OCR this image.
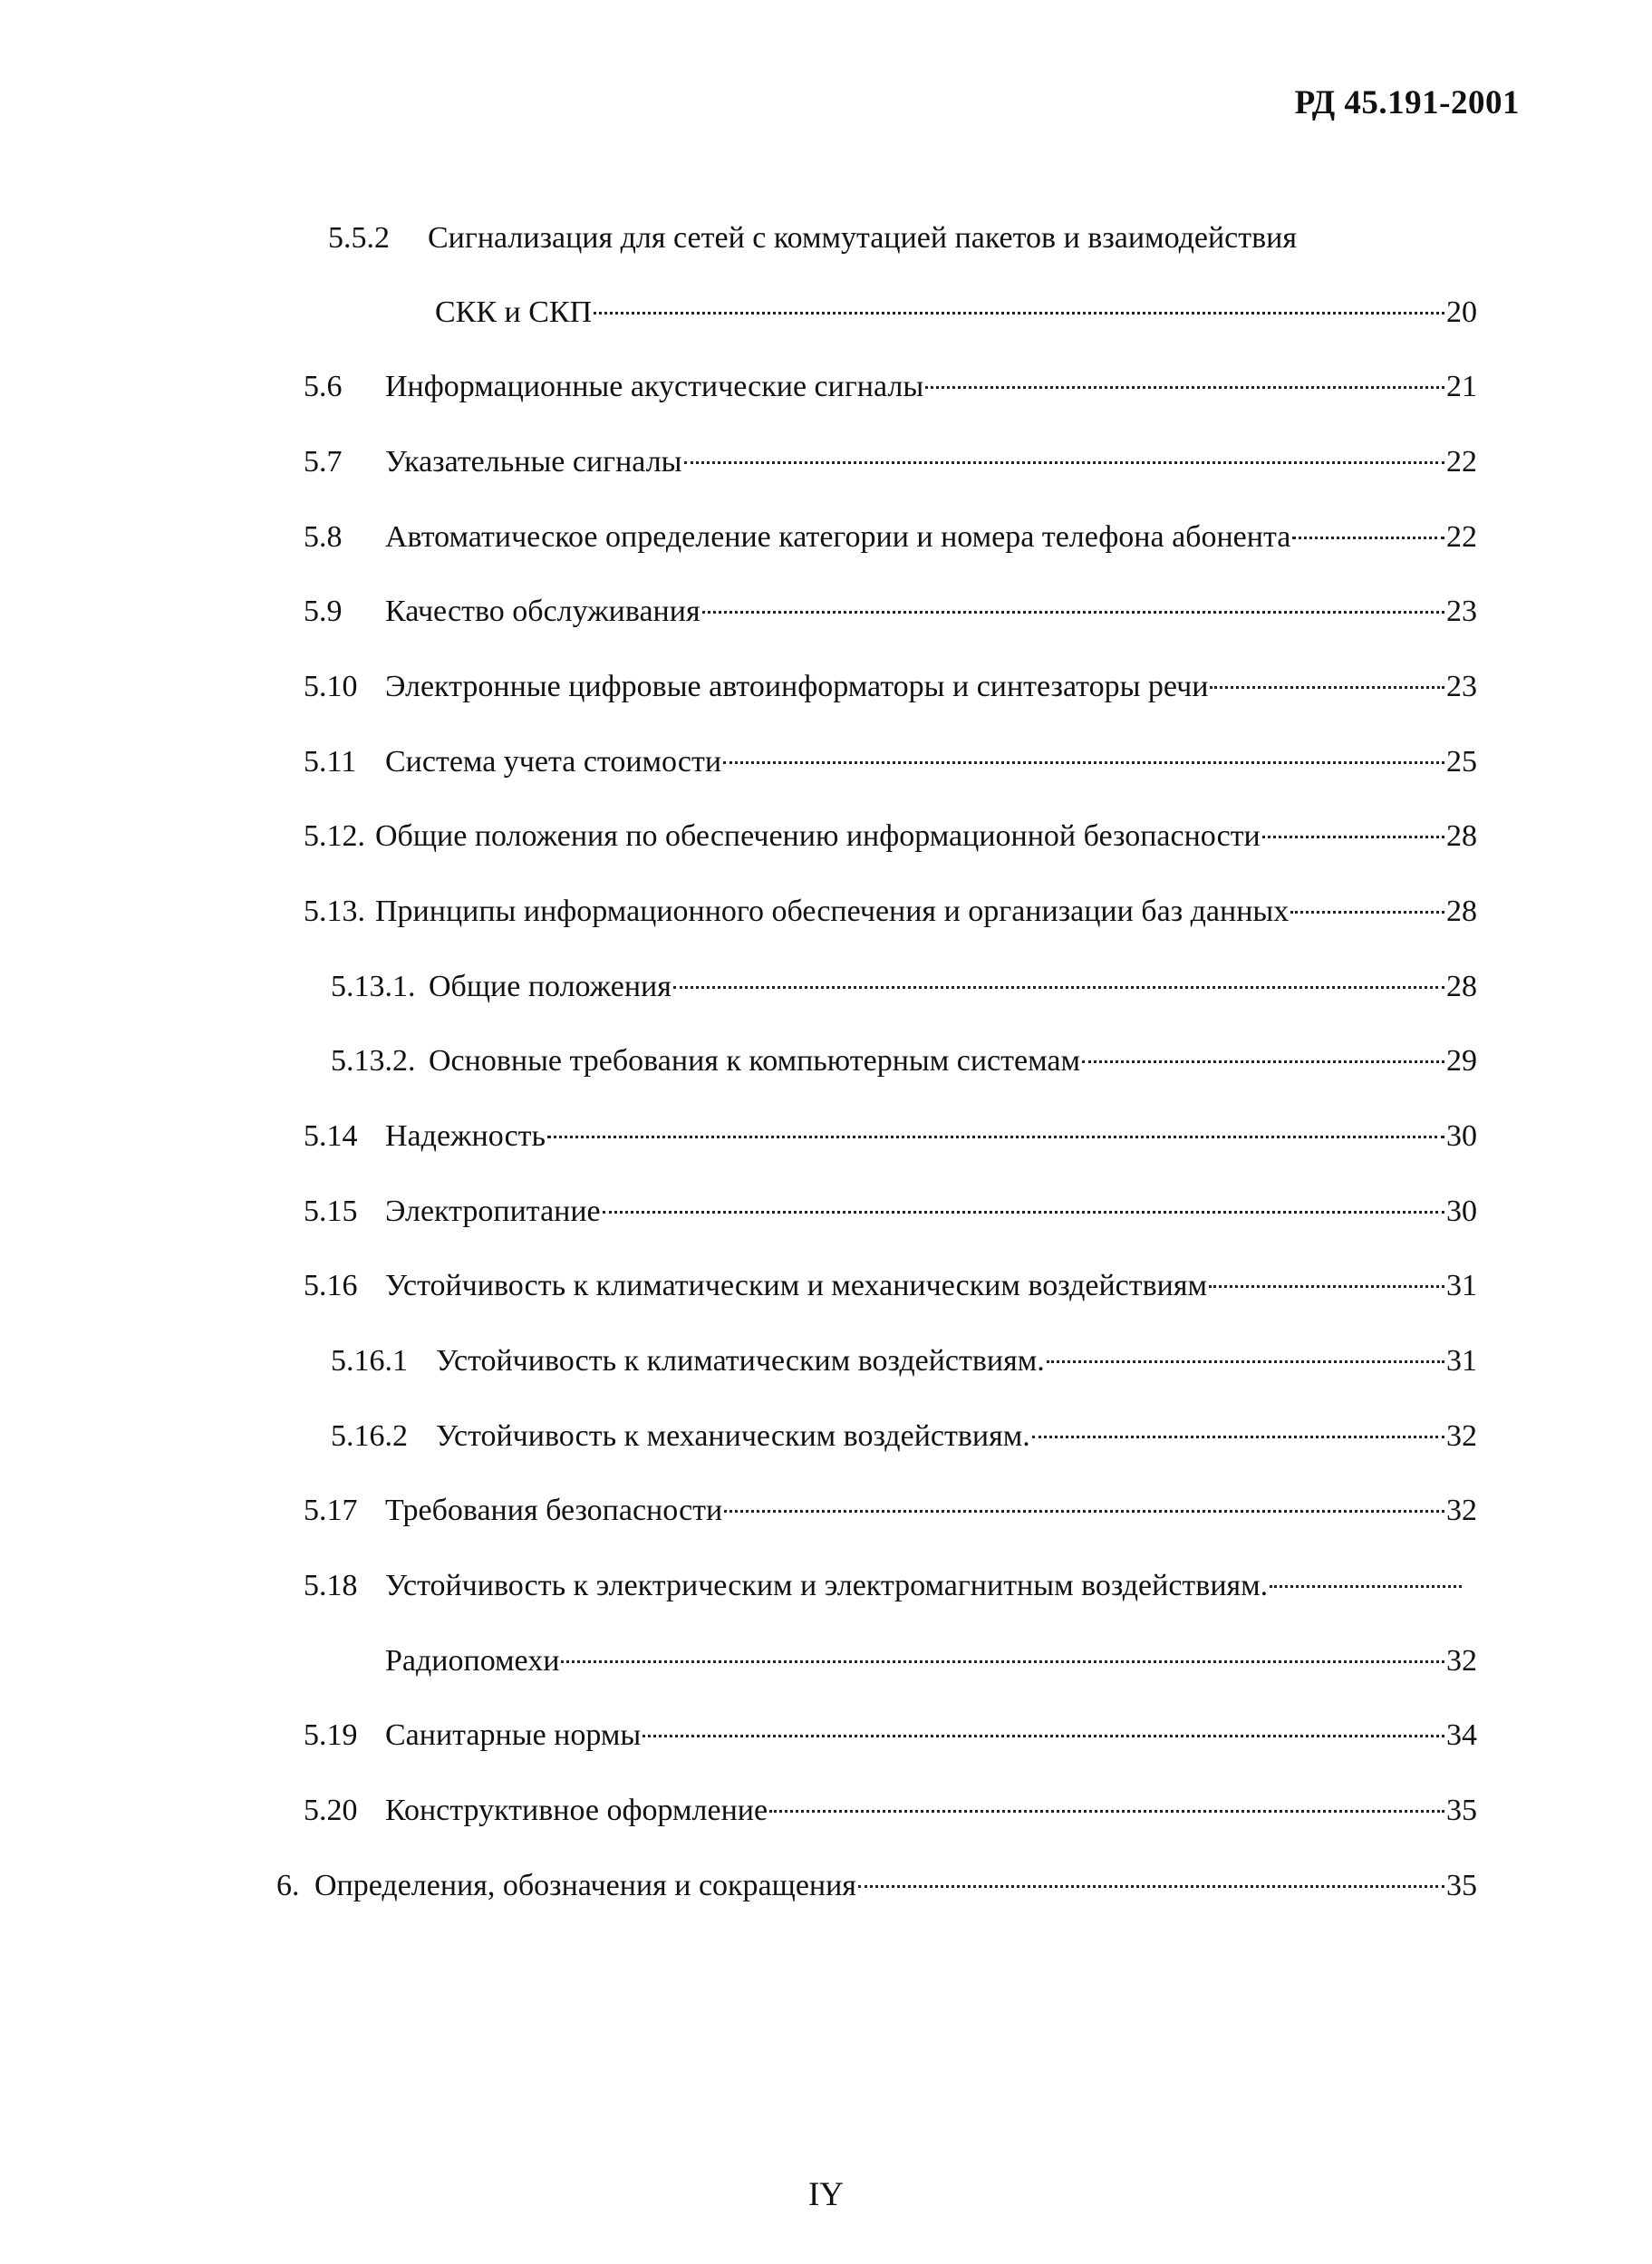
РД 45.191-2001
5.5.2	Сигнализация для сетей с коммутацией пакетов и взаимодействия
СКК и СКП	20
5.6	Информационные акустические сигналы	21
5.7	Указательные сигналы	22
5.8	Автоматическое определение категории и номера телефона абонента	22
5.9	Качество обслуживания	23
5.10 Электронные цифровые автоинформаторы и синтезаторы речи	23
5.11 Система учета стоимости	25
5.12. Общие положения по обеспечению информационной безопасности	28
5.13. Принципы информационного обеспечения и организации баз данных	28
5.13.1. Общие положения	28
5.13.2. Основные требования к компьютерным системам	29
5.14 Надежность	30
5.15 Электропитание	30
5.16 Устойчивость к климатическим и механическим воздействиям	31
5.16.1 Устойчивость к климатическим воздействиям.	31
5.16.2 Устойчивость к механическим воздействиям.	32
5.17 Требования безопасности	32
5.18 Устойчивость к электрическим и электромагнитным воздействиям.
Радиопомехи	32
5.19 Санитарные нормы	34
5.20 Конструктивное оформление	35
6. Определения, обозначения и сокращения	35
IY
